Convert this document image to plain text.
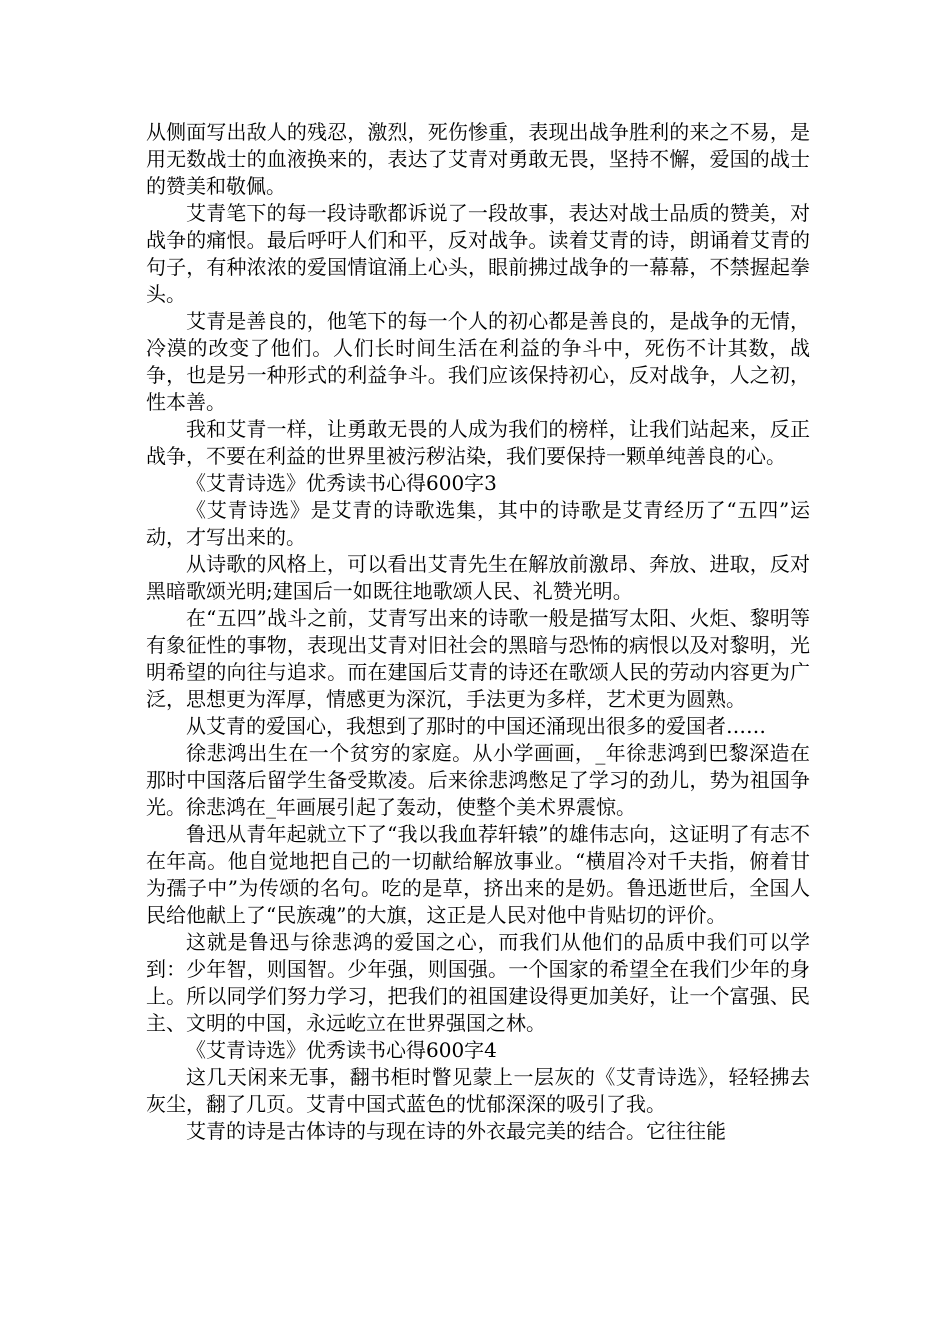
从侧面写出敌人的残忍，激烈，死伤惨重，表现出战争胜利的来之不易，是用无数战士的血液换来的，表达了艾青对勇敢无畏，坚持不懈，爱国的战士的赞美和敬佩。

艾青笔下的每一段诗歌都诉说了一段故事，表达对战士品质的赞美，对战争的痛恨。最后呼吁人们和平，反对战争。读着艾青的诗，朗诵着艾青的句子，有种浓浓的爱国情谊涌上心头，眼前拂过战争的一幕幕，不禁握起拳头。

艾青是善良的，他笔下的每一个人的初心都是善良的，是战争的无情，冷漠的改变了他们。人们长时间生活在利益的争斗中，死伤不计其数，战争，也是另一种形式的利益争斗。我们应该保持初心，反对战争，人之初，性本善。

我和艾青一样，让勇敢无畏的人成为我们的榜样，让我们站起来，反正战争，不要在利益的世界里被污秽沾染，我们要保持一颗单纯善良的心。

《艾青诗选》优秀读书心得600字3

《艾青诗选》是艾青的诗歌选集，其中的诗歌是艾青经历了“五四”运动，才写出来的。

从诗歌的风格上，可以看出艾青先生在解放前激昂、奔放、进取，反对黑暗歌颂光明;建国后一如既往地歌颂人民、礼赞光明。

在“五四”战斗之前，艾青写出来的诗歌一般是描写太阳、火炬、黎明等有象征性的事物，表现出艾青对旧社会的黑暗与恐怖的病恨以及对黎明，光明希望的向往与追求。而在建国后艾青的诗还在歌颂人民的劳动内容更为广泛，思想更为浑厚，情感更为深沉，手法更为多样，艺术更为圆熟。

从艾青的爱国心，我想到了那时的中国还涌现出很多的爱国者……

徐悲鸿出生在一个贫穷的家庭。从小学画画，_年徐悲鸿到巴黎深造在那时中国落后留学生备受欺凌。后来徐悲鸿憋足了学习的劲儿，势为祖国争光。徐悲鸿在_年画展引起了轰动，使整个美术界震惊。

鲁迅从青年起就立下了“我以我血荐轩辕”的雄伟志向，这证明了有志不在年高。他自觉地把自己的一切献给解放事业。“横眉冷对千夫指，俯着甘为孺子中”为传颂的名句。吃的是草，挤出来的是奶。鲁迅逝世后，全国人民给他献上了“民族魂”的大旗，这正是人民对他中肯贴切的评价。

这就是鲁迅与徐悲鸿的爱国之心，而我们从他们的品质中我们可以学到：少年智，则国智。少年强，则国强。一个国家的希望全在我们少年的身上。所以同学们努力学习，把我们的祖国建设得更加美好，让一个富强、民主、文明的中国，永远屹立在世界强国之林。

《艾青诗选》优秀读书心得600字4

这几天闲来无事，翻书柜时瞥见蒙上一层灰的《艾青诗选》，轻轻拂去灰尘，翻了几页。艾青中国式蓝色的忧郁深深的吸引了我。

艾青的诗是古体诗的与现在诗的外衣最完美的结合。它往往能
